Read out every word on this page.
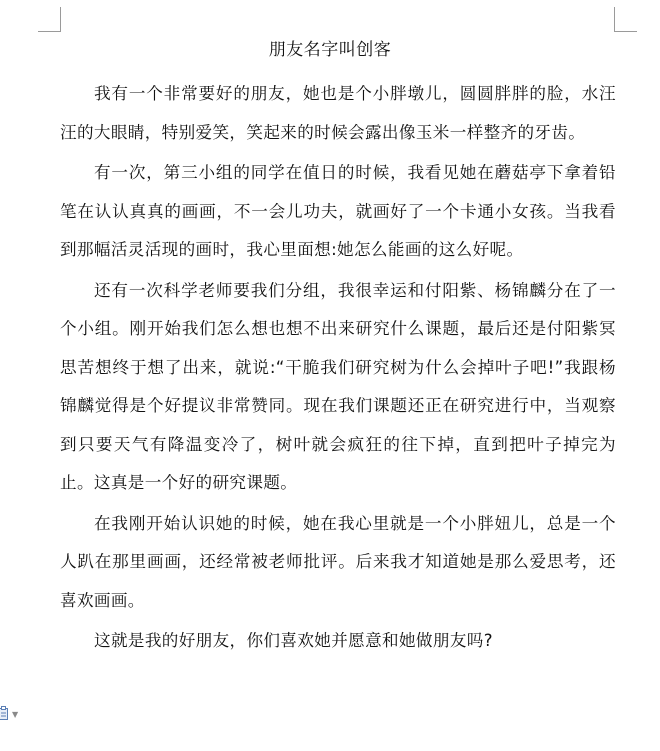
朋友名字叫创客

我有一个非常要好的朋友，她也是个小胖墩儿，圆圆胖胖的脸，水汪汪的大眼睛，特别爱笑，笑起来的时候会露出像玉米一样整齐的牙齿。

有一次，第三小组的同学在值日的时候，我看见她在蘑菇亭下拿着铅笔在认认真真的画画，不一会儿功夫，就画好了一个卡通小女孩。当我看到那幅活灵活现的画时，我心里面想:她怎么能画的这么好呢。

还有一次科学老师要我们分组，我很幸运和付阳紫、杨锦麟分在了一个小组。刚开始我们怎么想也想不出来研究什么课题，最后还是付阳紫冥思苦想终于想了出来，就说:“干脆我们研究树为什么会掉叶子吧!”我跟杨锦麟觉得是个好提议非常赞同。现在我们课题还正在研究进行中，当观察到只要天气有降温变冷了，树叶就会疯狂的往下掉，直到把叶子掉完为止。这真是一个好的研究课题。

在我刚开始认识她的时候，她在我心里就是一个小胖妞儿，总是一个人趴在那里画画，还经常被老师批评。后来我才知道她是那么爱思考，还喜欢画画。

这就是我的好朋友，你们喜欢她并愿意和她做朋友吗?

▼
